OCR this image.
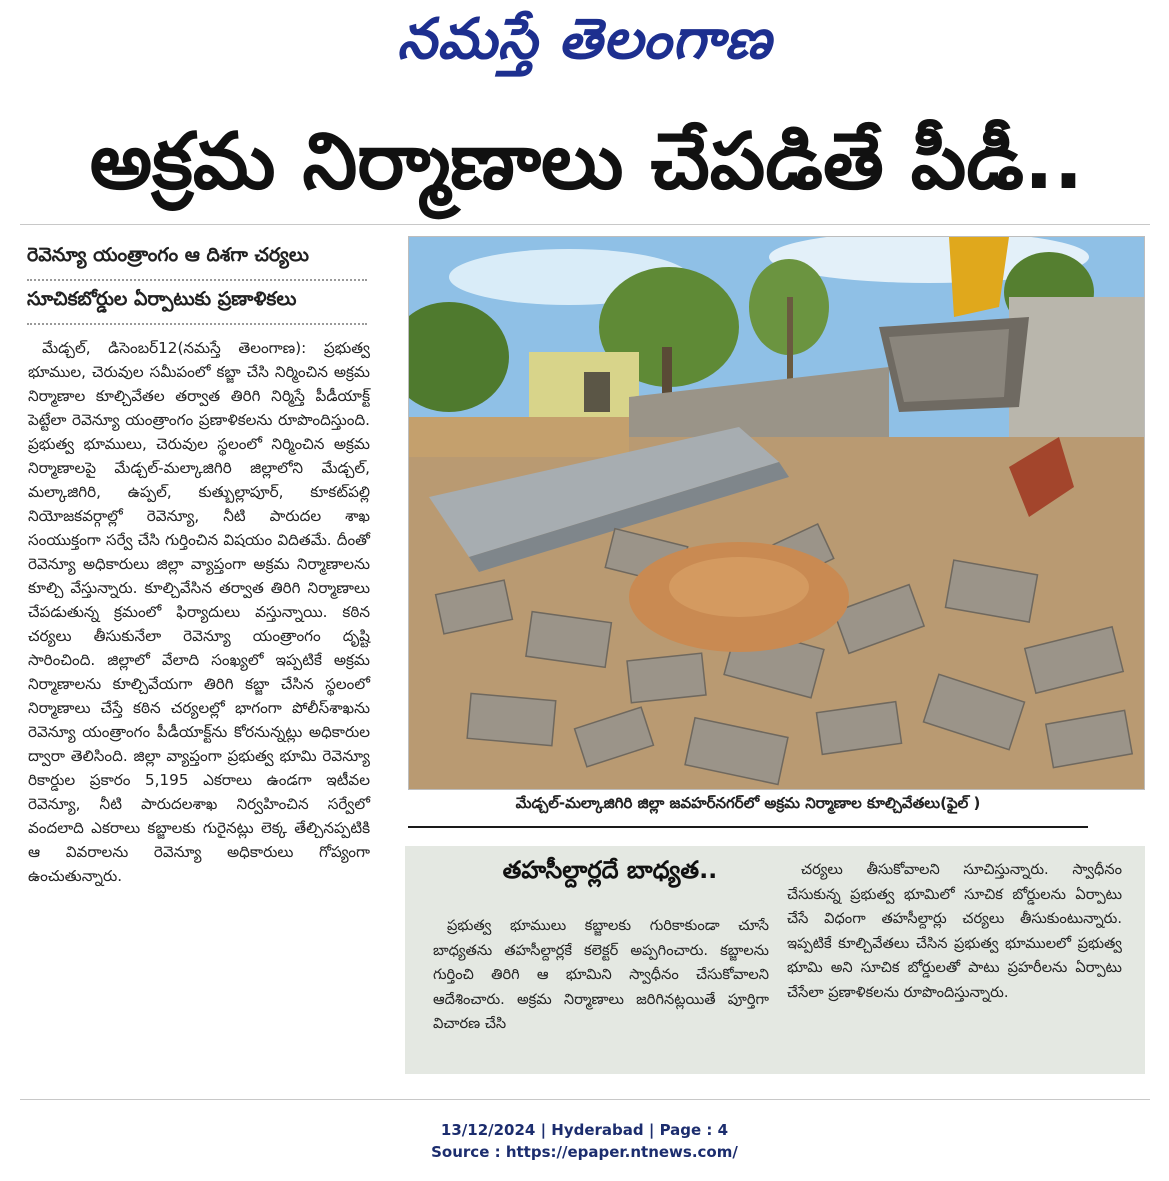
నమస్తే తెలంగాణ
అక్రమ నిర్మాణాలు చేపడితే పీడీ..
రెవెన్యూ యంత్రాంగం ఆ దిశగా చర్యలు
సూచికబోర్డుల ఏర్పాటుకు ప్రణాళికలు

మేడ్చల్, డిసెంబర్12(నమస్తే తెలంగాణ): ప్రభుత్వ భూముల, చెరువుల సమీపంలో కబ్జా చేసి నిర్మించిన అక్రమ నిర్మాణాల కూల్చివేతల తర్వాత తిరిగి నిర్మిస్తే పీడీయాక్ట్ పెట్టేలా రెవెన్యూ యంత్రాంగం ప్రణాళికలను రూపొందిస్తుంది. ప్రభుత్వ భూములు, చెరువుల స్థలంలో నిర్మించిన అక్రమ నిర్మాణాలపై మేడ్చల్-మల్కాజిగిరి జిల్లాలోని మేడ్చల్, మల్కాజిగిరి, ఉప్పల్, కుత్బుల్లాపూర్, కూకట్‌పల్లి నియోజకవర్గాల్లో రెవెన్యూ, నీటి పారుదల శాఖ సంయుక్తంగా సర్వే చేసి గుర్తించిన విషయం విదితమే. దీంతో రెవెన్యూ అధికారులు జిల్లా వ్యాప్తంగా అక్రమ నిర్మాణాలను కూల్చి వేస్తున్నారు. కూల్చివేసిన తర్వాత తిరిగి నిర్మాణాలు చేపడుతున్న క్రమంలో ఫిర్యాదులు వస్తున్నాయి. కఠిన చర్యలు తీసుకునేలా రెవెన్యూ యంత్రాంగం దృష్టి సారించింది. జిల్లాలో వేలాది సంఖ్యలో ఇప్పటికే అక్రమ నిర్మాణాలను కూల్చివేయగా తిరిగి కబ్జా చేసిన స్థలంలో నిర్మాణాలు చేస్తే కఠిన చర్యలల్లో భాగంగా పోలీస్‌శాఖను రెవెన్యూ యంత్రాంగం పీడీయాక్ట్‌ను కోరనున్నట్లు అధికారుల ద్వారా తెలిసింది. జిల్లా వ్యాప్తంగా ప్రభుత్వ భూమి రెవెన్యూ రికార్డుల ప్రకారం 5,195 ఎకరాలు ఉండగా ఇటీవల రెవెన్యూ, నీటి పారుదలశాఖ నిర్వహించిన సర్వేలో వందలాది ఎకరాలు కబ్జాలకు గురైనట్లు లెక్క తేల్చినప్పటికి ఆ వివరాలను రెవెన్యూ అధికారులు గోప్యంగా ఉంచుతున్నారు.

మేడ్చల్-మల్కాజిగిరి జిల్లా జవహర్‌నగర్‌లో అక్రమ నిర్మాణాల కూల్చివేతలు(ఫైల్ )
తహసీల్దార్లదే బాధ్యత..

ప్రభుత్వ భూములు కబ్జాలకు గురికాకుండా చూసే బాధ్యతను తహసీల్దార్లకే కలెక్టర్ అప్పగించారు. కబ్జాలను గుర్తించి తిరిగి ఆ భూమిని స్వాధీనం చేసుకోవాలని ఆదేశించారు. అక్రమ నిర్మాణాలు జరిగినట్లయితే పూర్తిగా విచారణ చేసి

చర్యలు తీసుకోవాలని సూచిస్తున్నారు. స్వాధీనం చేసుకున్న ప్రభుత్వ భూమిలో సూచిక బోర్డులను ఏర్పాటు చేసే విధంగా తహసీల్దార్లు చర్యలు తీసుకుంటున్నారు. ఇప్పటికే కూల్చివేతలు చేసిన ప్రభుత్వ భూములలో ప్రభుత్వ భూమి అని సూచిక బోర్డులతో పాటు ప్రహరీలను ఏర్పాటు చేసేలా ప్రణాళికలను రూపొందిస్తున్నారు.

13/12/2024 | Hyderabad | Page : 4
Source : https://epaper.ntnews.com/
